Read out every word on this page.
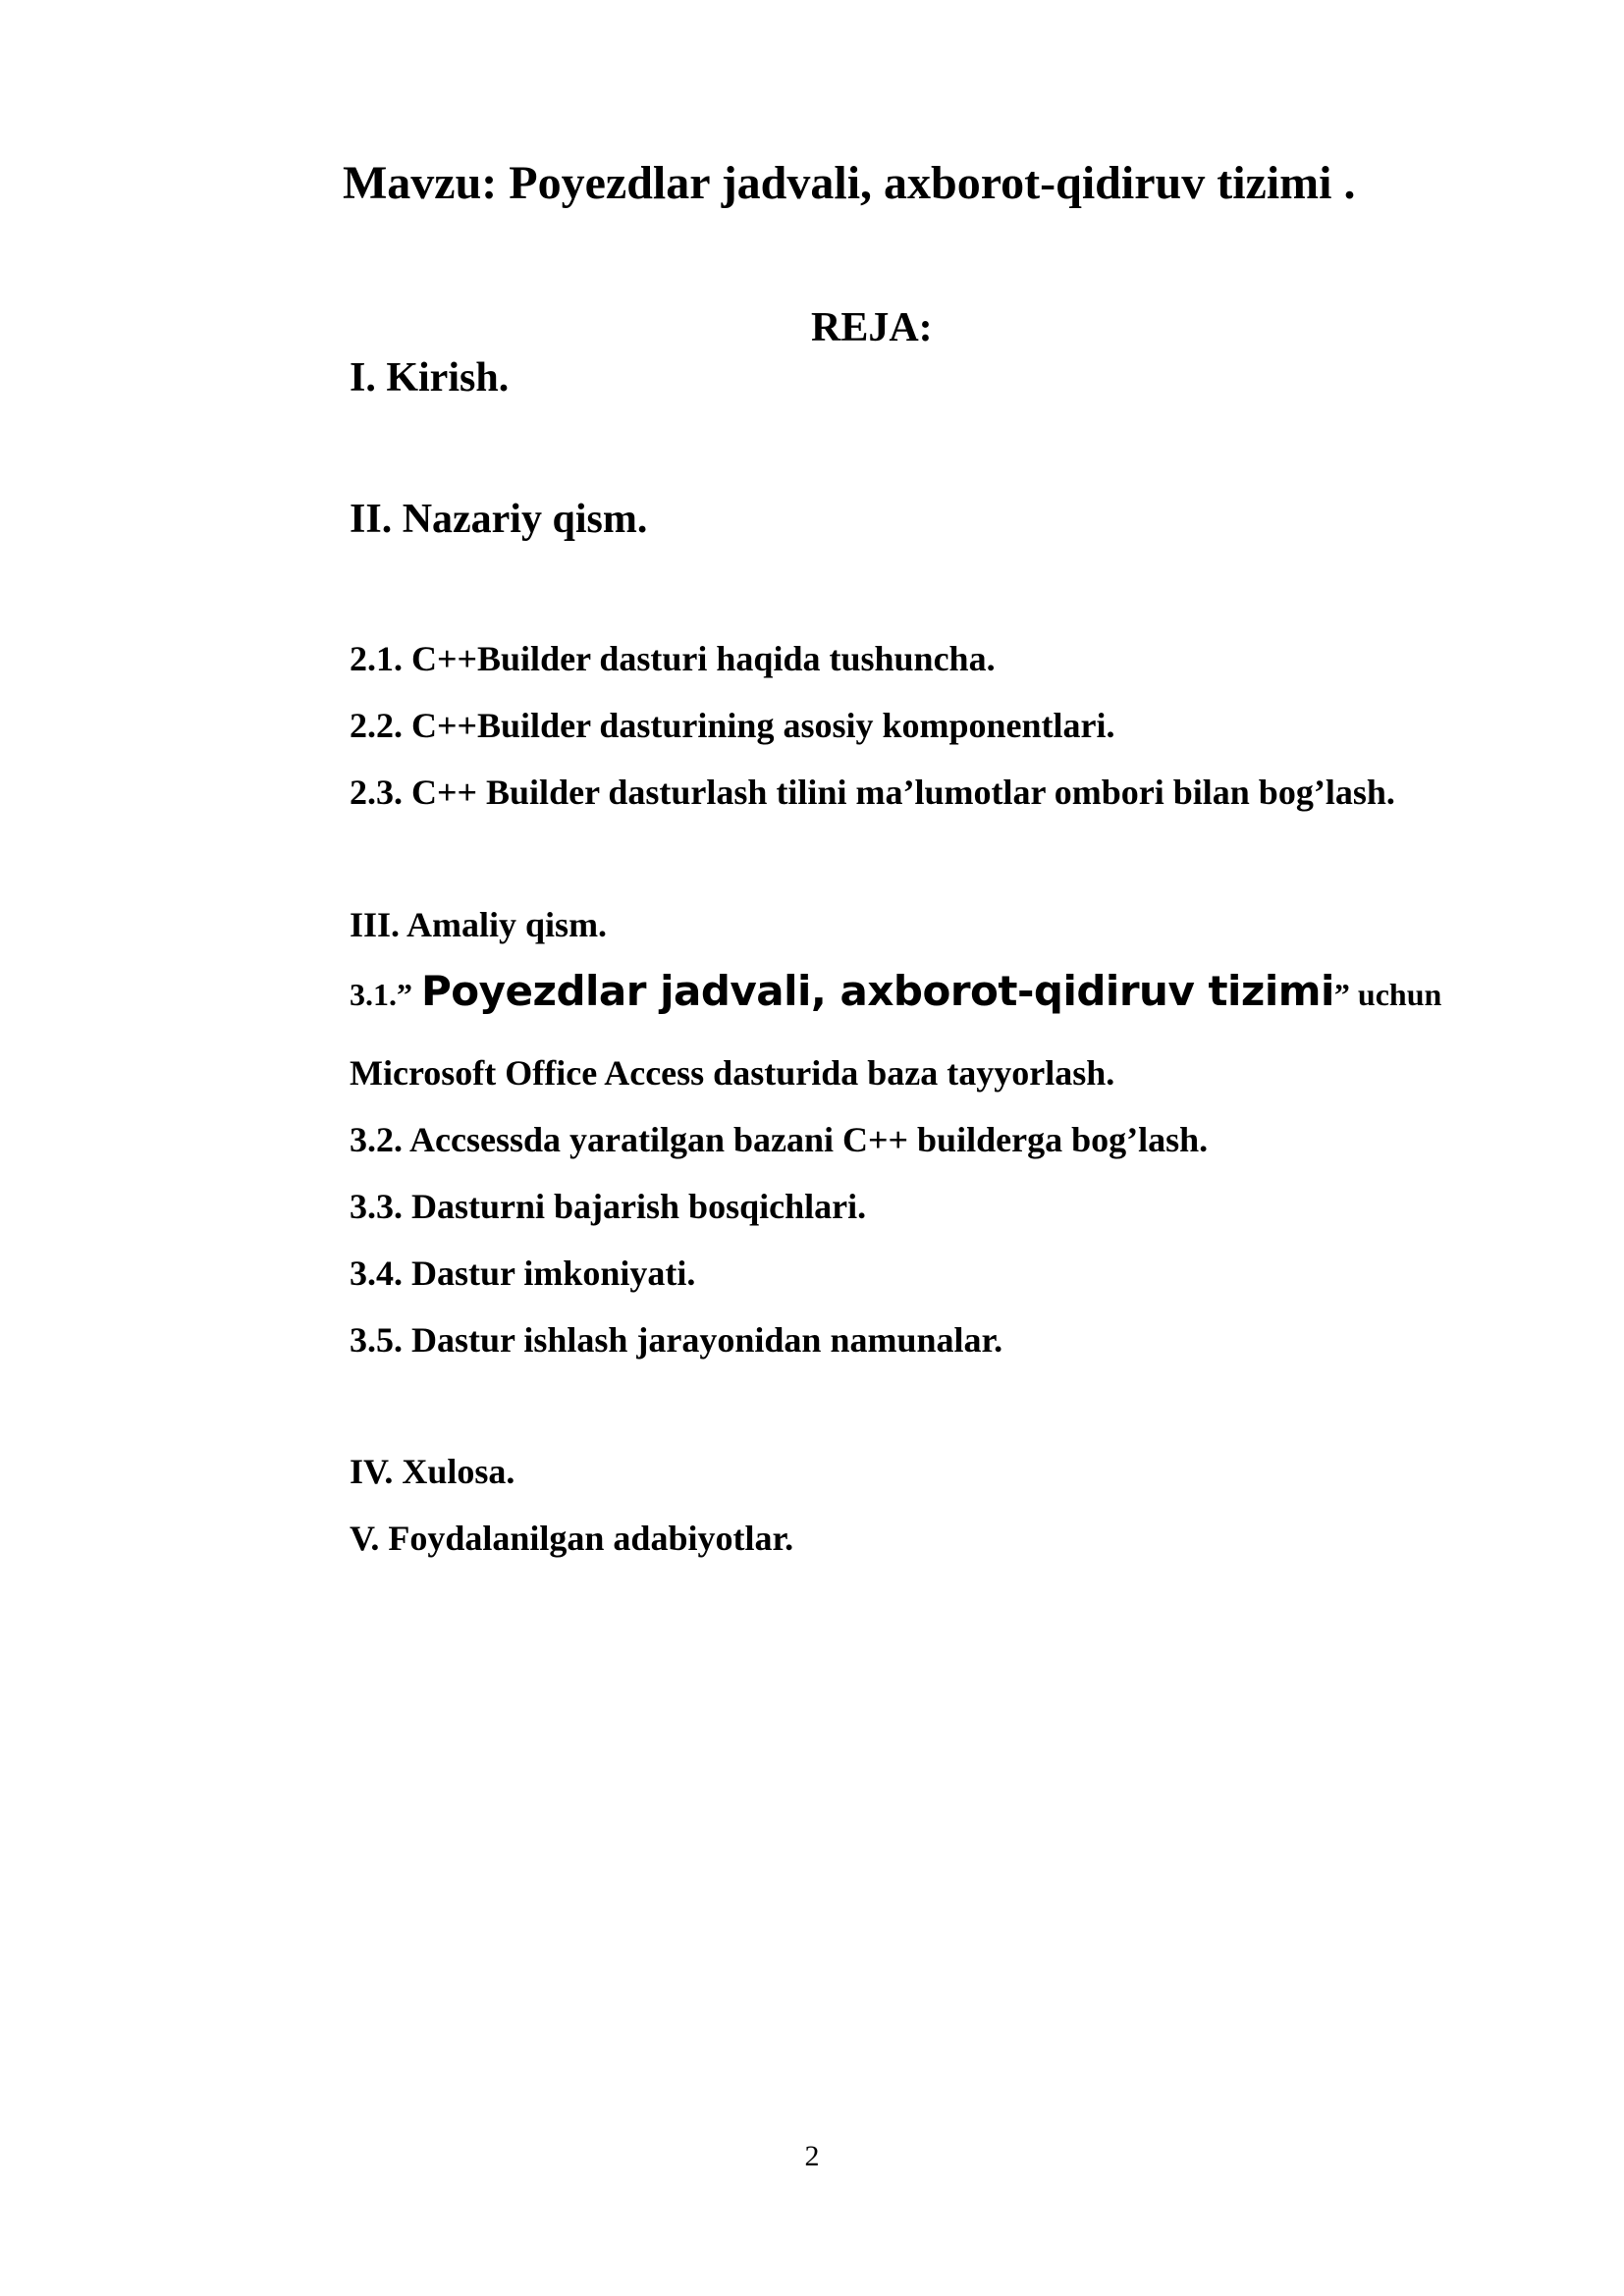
Mavzu: Poyezdlar jadvali, axborot-qidiruv tizimi .
REJA:
I. Kirish.
II. Nazariy qism.
2.1. C++Builder dasturi haqida tushuncha.
2.2. C++Builder dasturining asosiy komponentlari.
2.3. C++ Builder dasturlash tilini ma’lumotlar ombori bilan bog’lash.
III. Amaliy qism.
3.1.” Poyezdlar jadvali, axborot-qidiruv tizimi” uchun
Microsoft Office Access dasturida baza tayyorlash.
3.2. Accsessda yaratilgan bazani C++ builderga bog’lash.
3.3. Dasturni bajarish bosqichlari.
3.4. Dastur imkoniyati.
3.5. Dastur ishlash jarayonidan namunalar.
IV. Xulosa.
V. Foydalanilgan adabiyotlar.
2
